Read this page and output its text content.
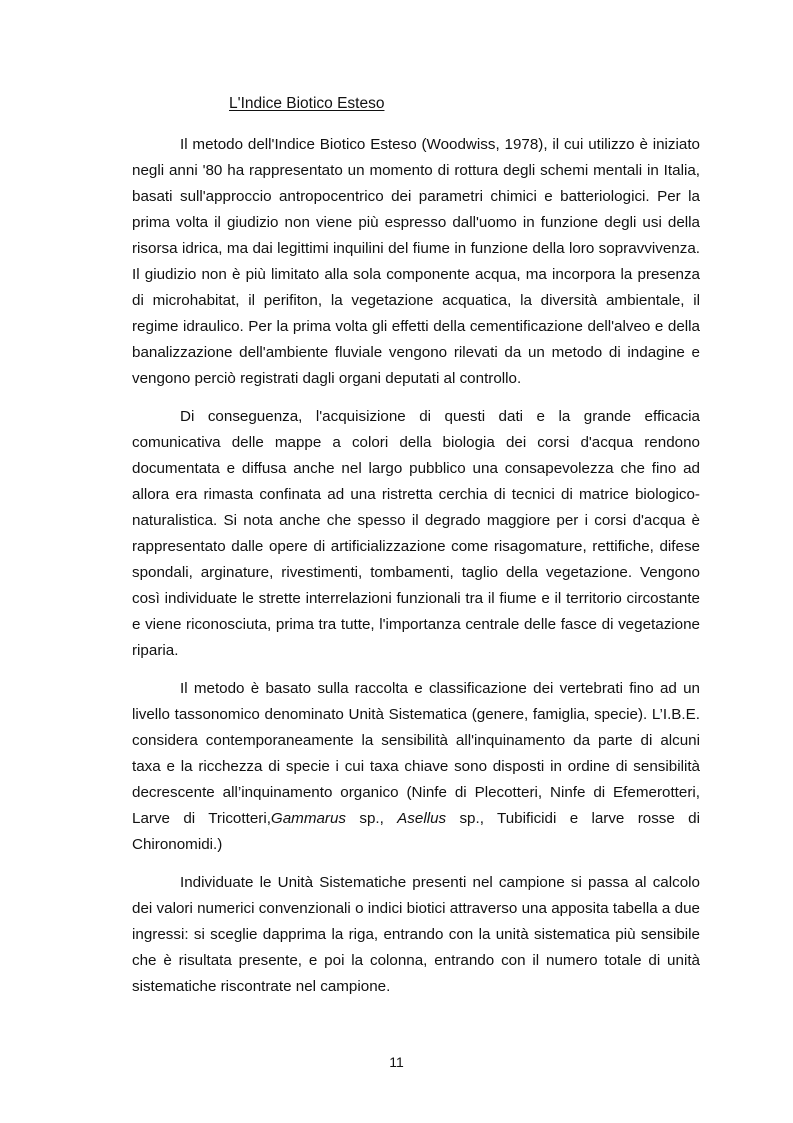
L'Indice Biotico Esteso

Il metodo dell'Indice Biotico Esteso (Woodwiss, 1978), il cui utilizzo è iniziato negli anni '80 ha rappresentato un momento di rottura degli schemi mentali in Italia, basati sull'approccio antropocentrico dei parametri chimici e batteriologici. Per la prima volta il giudizio non viene più espresso dall'uomo in funzione degli usi della risorsa idrica, ma dai legittimi inquilini del fiume in funzione della loro sopravvivenza. Il giudizio non è più limitato alla sola componente acqua, ma incorpora la presenza di microhabitat, il perifiton, la vegetazione acquatica, la diversità ambientale, il regime idraulico. Per la prima volta gli effetti della cementificazione dell'alveo e della banalizzazione dell'ambiente fluviale vengono rilevati da un metodo di indagine e vengono perciò registrati dagli organi deputati al controllo.

Di conseguenza, l'acquisizione di questi dati e la grande efficacia comunicativa delle mappe a colori della biologia dei corsi d'acqua rendono documentata e diffusa anche nel largo pubblico una consapevolezza che fino ad allora era rimasta confinata ad una ristretta cerchia di tecnici di matrice biologico-naturalistica. Si nota anche che spesso il degrado maggiore per i corsi d'acqua è rappresentato dalle opere di artificializzazione come risagomature, rettifiche, difese spondali, arginature, rivestimenti, tombamenti, taglio della vegetazione. Vengono così individuate le strette interrelazioni funzionali tra il fiume e il territorio circostante e viene riconosciuta, prima tra tutte, l'importanza centrale delle fasce di vegetazione riparia.

Il metodo è basato sulla raccolta e classificazione dei vertebrati fino ad un livello tassonomico denominato Unità Sistematica (genere, famiglia, specie). L’I.B.E. considera contemporaneamente la sensibilità all'inquinamento da parte di alcuni taxa e la ricchezza di specie i cui taxa chiave sono disposti in ordine di sensibilità decrescente all’inquinamento organico (Ninfe di Plecotteri, Ninfe di Efemerotteri, Larve di Tricotteri,Gammarus sp., Asellus sp., Tubificidi e larve rosse di Chironomidi.)

Individuate le Unità Sistematiche presenti nel campione si passa al calcolo dei valori numerici convenzionali o indici biotici attraverso una apposita tabella a due ingressi: si sceglie dapprima la riga, entrando con la unità sistematica più sensibile che è risultata presente, e poi la colonna, entrando con il numero totale di unità sistematiche riscontrate nel campione.

11
